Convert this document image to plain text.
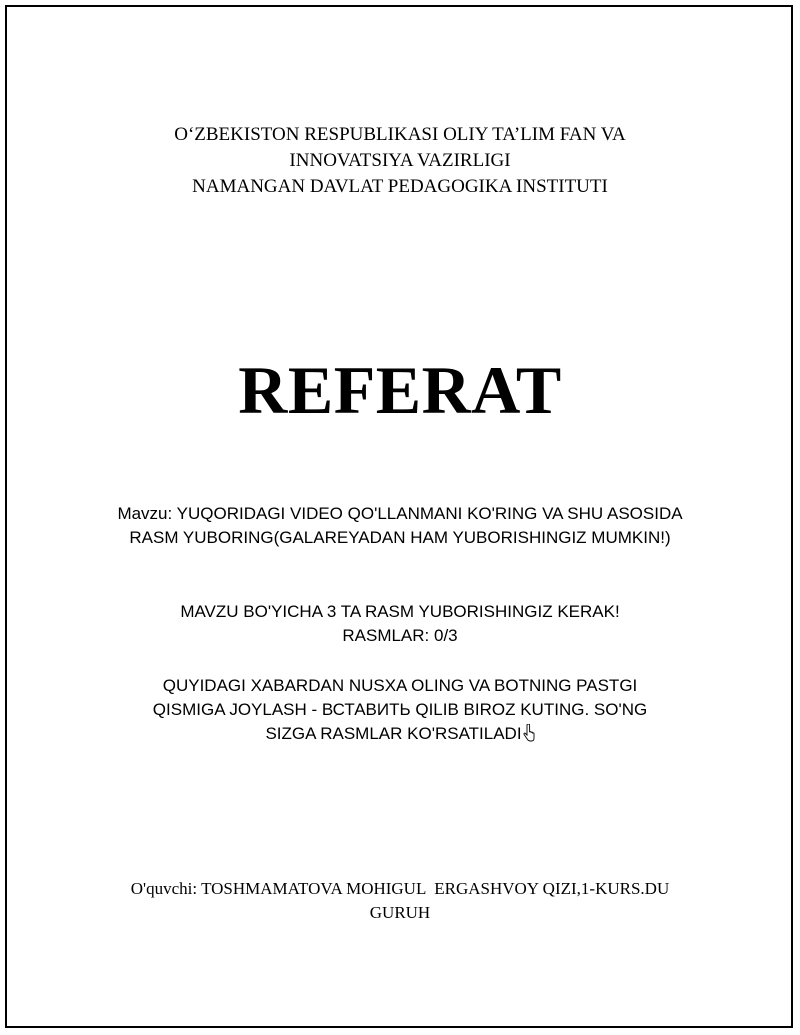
O‘ZBEKISTON RESPUBLIKASI OLIY TA’LIM FAN VA
INNOVATSIYA VAZIRLIGI
NAMANGAN DAVLAT PEDAGOGIKA INSTITUTI
REFERAT
Mavzu: YUQORIDAGI VIDEO QO'LLANMANI KO'RING VA SHU ASOSIDA RASM YUBORING(GALAREYADAN HAM YUBORISHINGIZ MUMKIN!)
MAVZU BO'YICHA 3 TA RASM YUBORISHINGIZ KERAK!
RASMLAR: 0/3
QUYIDAGI XABARDAN NUSXA OLING VA BOTNING PASTGI QISMIGA JOYLASH - ВСТАВИТЬ QILIB BIROZ KUTING. SO'NG SIZGA RASMLAR KO'RSATILADI
O'quvchi: TOSHMAMATOVA MOHIGUL  ERGASHVOY QIZI,1-KURS.DU GURUH
